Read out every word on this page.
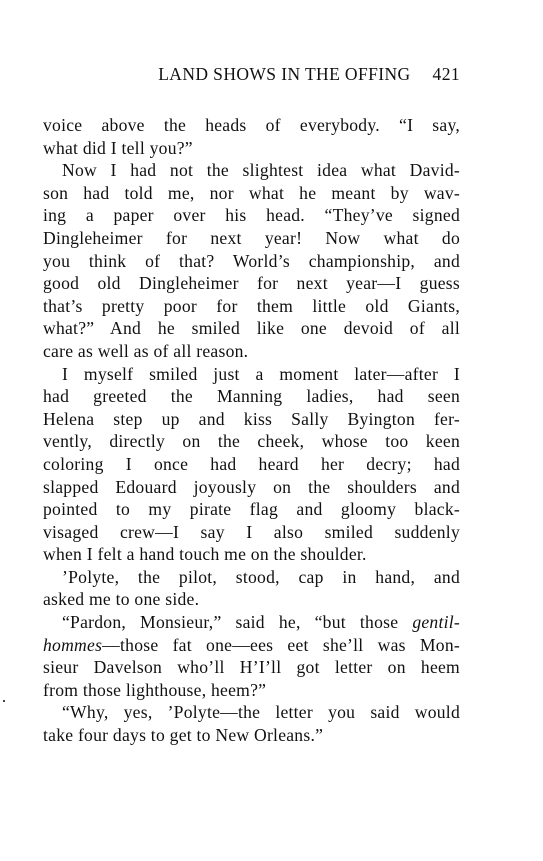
LAND SHOWS IN THE OFFING 421
voice above the heads of everybody. “I say,
what did I tell you?”
Now I had not the slightest idea what David-
son had told me, nor what he meant by wav-
ing a paper over his head. “They’ve signed
Dingleheimer for next year! Now what do
you think of that? World’s championship, and
good old Dingleheimer for next year—I guess
that’s pretty poor for them little old Giants,
what?” And he smiled like one devoid of all
care as well as of all reason.
I myself smiled just a moment later—after I
had greeted the Manning ladies, had seen
Helena step up and kiss Sally Byington fer-
vently, directly on the cheek, whose too keen
coloring I once had heard her decry; had
slapped Edouard joyously on the shoulders and
pointed to my pirate flag and gloomy black-
visaged crew—I say I also smiled suddenly
when I felt a hand touch me on the shoulder.
’Polyte, the pilot, stood, cap in hand, and
asked me to one side.
“Pardon, Monsieur,” said he, “but those gentil-
hommes—those fat one—ees eet she’ll was Mon-
sieur Davelson who’ll H’I’ll got letter on heem
from those lighthouse, heem?”
“Why, yes, ’Polyte—the letter you said would
take four days to get to New Orleans.”
